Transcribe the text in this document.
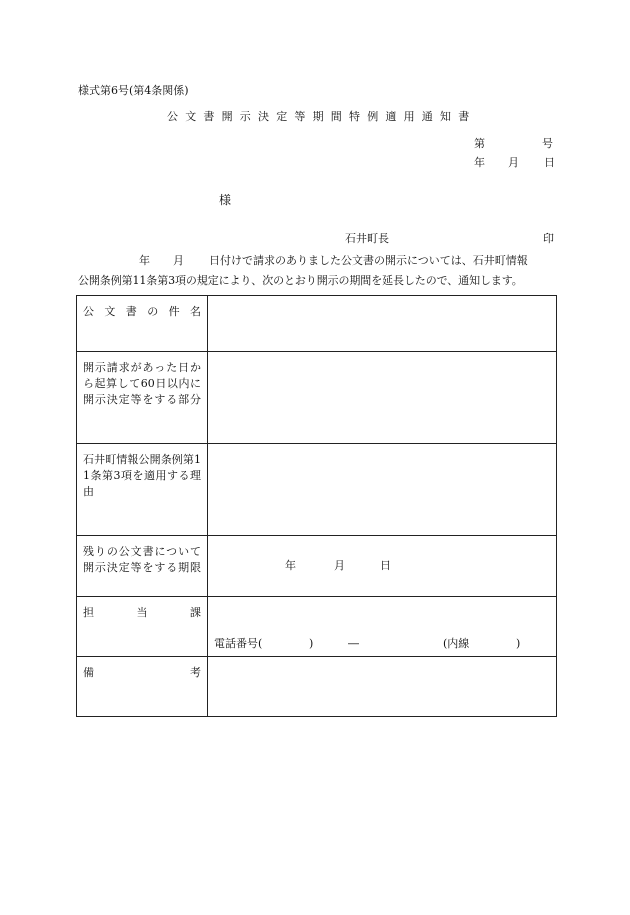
様式第6号(第4条関係)
公文書開示決定等期間特例適用通知書
第	号
年 月 日
様
石井町長	印
年 月 日付けで請求のありました公文書の開示については、石井町情報
公開条例第11条第3項の規定により、次のとおり開示の期間を延長したので、通知します。
公文書の件名	

開示請求があった日から起算して60日以内に開示決定等をする部分	

石井町情報公開条例第11条第3項を適用する理由	

残りの公文書について開示決定等をする期限	年 月 日

担 当 課	電話番号( ) ― (内線 )

備 考	
